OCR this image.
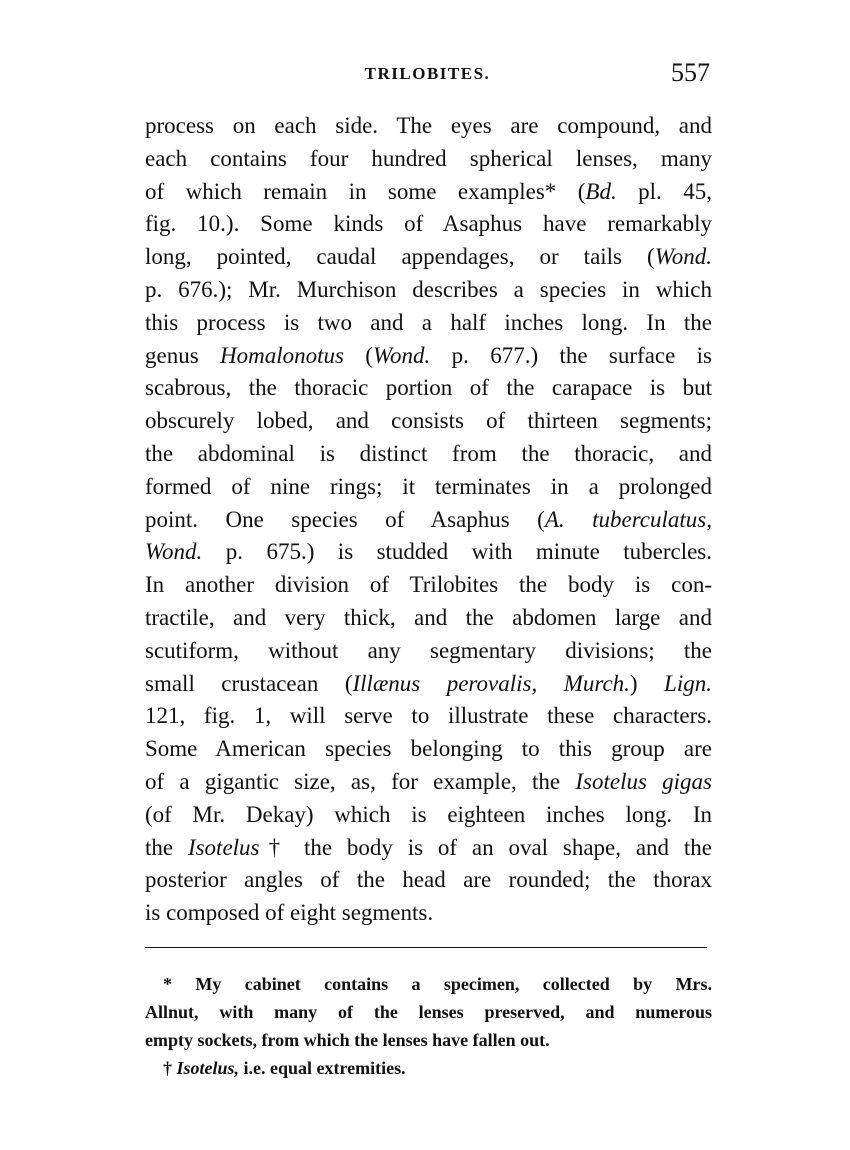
TRILOBITES.	557
process on each side. The eyes are compound, and
each contains four hundred spherical lenses, many
of which remain in some examples* (Bd. pl. 45,
fig. 10.). Some kinds of Asaphus have remarkably
long, pointed, caudal appendages, or tails (Wond.
p. 676.); Mr. Murchison describes a species in which
this process is two and a half inches long. In the
genus Homalonotus (Wond. p. 677.) the surface is
scabrous, the thoracic portion of the carapace is but
obscurely lobed, and consists of thirteen segments;
the abdominal is distinct from the thoracic, and
formed of nine rings; it terminates in a prolonged
point. One species of Asaphus (A. tuberculatus,
Wond. p. 675.) is studded with minute tubercles.
In another division of Trilobites the body is con-
tractile, and very thick, and the abdomen large and
scutiform, without any segmentary divisions; the
small crustacean (Illænus perovalis, Murch.) Lign.
121, fig. 1, will serve to illustrate these characters.
Some American species belonging to this group are
of a gigantic size, as, for example, the Isotelus gigas
(of Mr. Dekay) which is eighteen inches long. In
the Isotelus† the body is of an oval shape, and the
posterior angles of the head are rounded; the thorax
is composed of eight segments.
* My cabinet contains a specimen, collected by Mrs.
Allnut, with many of the lenses preserved, and numerous
empty sockets, from which the lenses have fallen out.
† Isotelus, i.e. equal extremities.
